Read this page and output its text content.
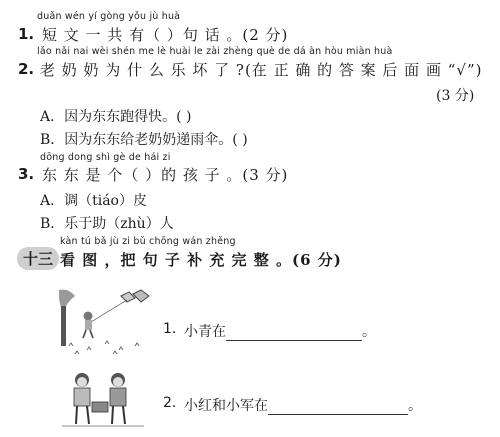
duǎn wén yí gòng yǒu jù huà
1. 短 文 一 共 有（ ）句 话 。(2 分)
lǎo nǎi nai wèi shén me lè huài le zài zhèng què de dá àn hòu miàn huà
2. 老 奶 奶 为 什 么 乐 坏 了 ?(在 正 确 的 答 案 后 面 画 “√”)
(3 分)
A．因为东东跑得快。( )
B．因为东东给老奶奶递雨伞。( )
dōng dong shì gè de hái zi
3. 东 东 是 个（ ）的 孩 子 。(3 分)
A．调（tiáo）皮
B．乐于助（zhù）人
kàn tú bǎ jù zi bǔ chōng wán zhěng
十三 看 图 ，把 句 子 补 充 完 整 。(6 分)
1. 小青在	。
2. 小红和小军在	。
